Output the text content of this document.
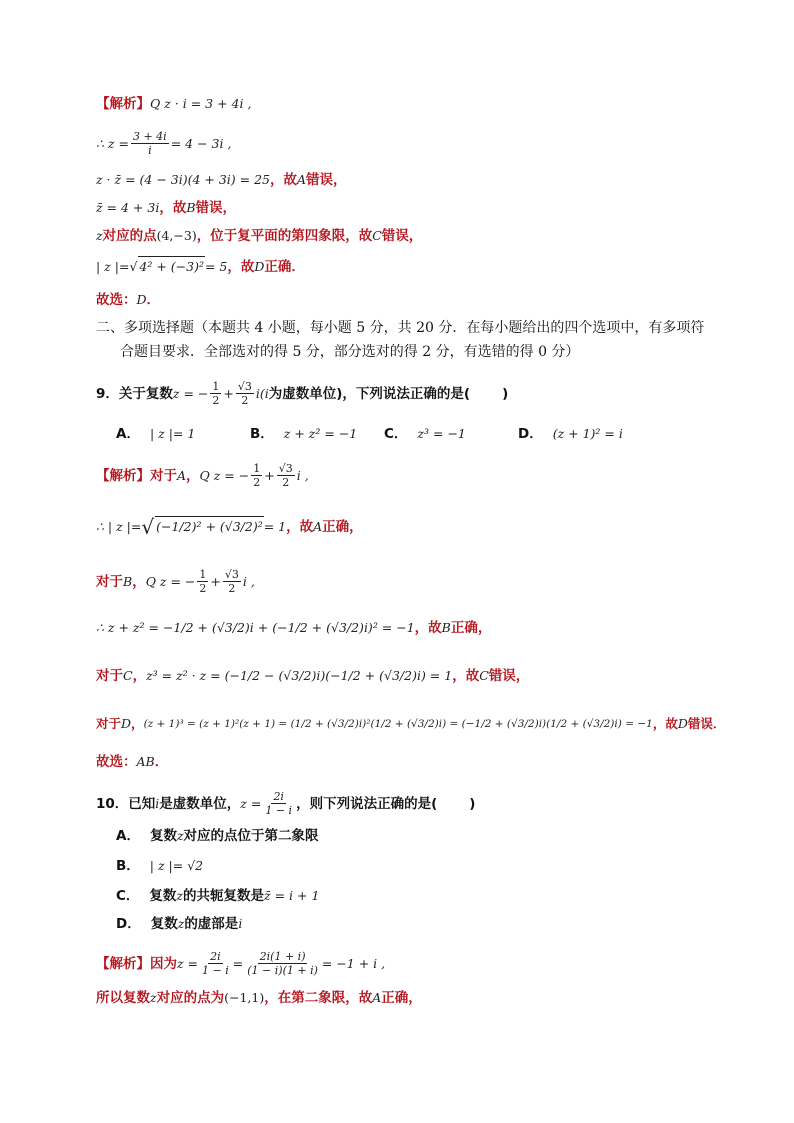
【解析】 Q z · i = 3 + 4i ,
∴ $z = \frac{3 + 4i}{i} = 4 - 3i$ ,
z · z̄ = (4 − 3i)(4 + 3i) = 25 ，故 A 错误，
z̄ = 4 + 3i ，故 B 错误，
z 对应的点 (4,−3) ，位于复平面的第四象限，故 C 错误，
| z |= √ 4² + (−3)² = 5 ，故 D 正确．
故选： D ．
二、多项选择题（本题共 4 小题，每小题 5 分，共 20 分．在每小题给出的四个选项中，有多项符
合题目要求．全部选对的得 5 分，部分选对的得 2 分，有选错的得 0 分）
9． 关于复数 z = − $\frac{1}{2} + \frac{√3}{2} i(i$ 为虚数单位)，下列说法正确的是( )
A． | z |= 1	B． z + z² = −1	C． z³ = −1	D． (z + 1)² = i
【解析】 对于 A ， Q z = − $\frac{1}{2} + \frac{√3}{2}$ i ,
∴ | z |= √ (−1/2)² + (√3/2)² = 1 ，故 A 正确，
对于 B ， Q z = − $\frac{1}{2} + \frac{√3}{2}$ i ,
∴ z + z² = −1/2 + (√3/2)i + (−1/2 + (√3/2)i)² = −1 ，故 B 正确，
对于 C ， z³ = z² · z = (−1/2 − (√3/2)i)(−1/2 + (√3/2)i) = 1 ，故 C 错误，
对于 D ， (z + 1)³ = (z + 1)²(z + 1) = (1/2 + (√3/2)i)²(1/2 + (√3/2)i) = (−1/2 + (√3/2)i)(1/2 + (√3/2)i) = −1 ，故 D 错误．
故选： AB ．
10． 已知 i 是虚数单位， $z = \frac{2i}{1 - i}$ ，则下列说法正确的是( )
A． 复数 z 对应的点位于第二象限
B． | z |= √2
C． 复数 z 的共轭复数是 z̄ = i + 1
D． 复数 z 的虚部是 i
【解析】 因为 $z = \frac{2i}{1 - i} = \frac{2i(1 + i)}{(1 - i)(1 + i)} = -1 + i$ ,
所以复数 z 对应的点为 (−1,1) ，在第二象限，故 A 正确，
